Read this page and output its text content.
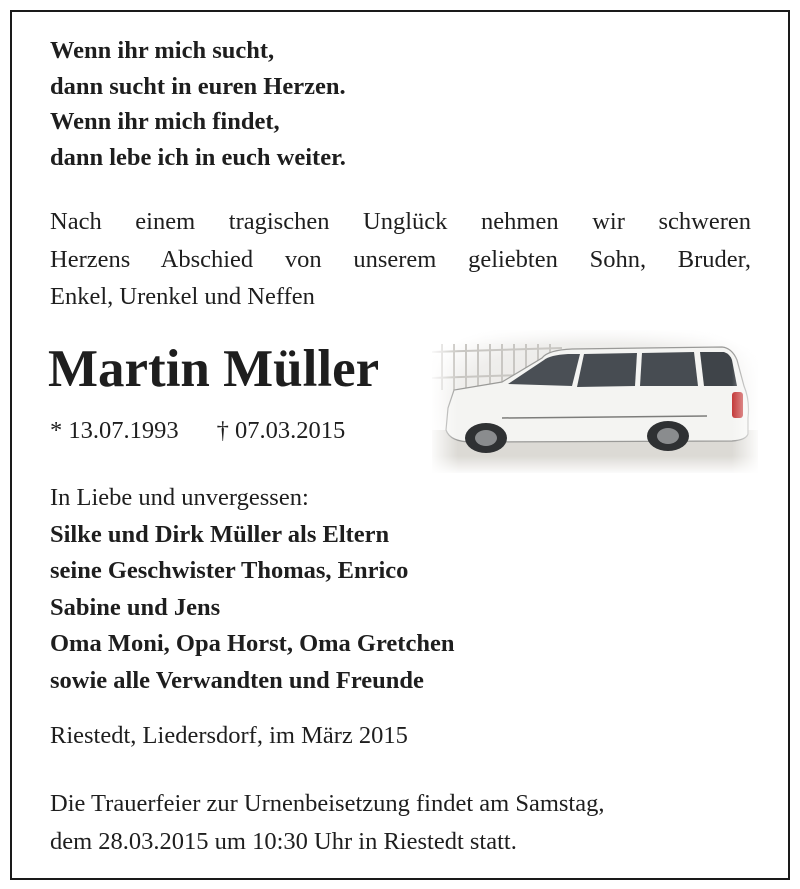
Wenn ihr mich sucht,
dann sucht in euren Herzen.
Wenn ihr mich findet,
dann lebe ich in euch weiter.
Nach einem tragischen Unglück nehmen wir schweren
Herzens Abschied von unserem geliebten Sohn, Bruder,
Enkel, Urenkel und Neffen
Martin Müller
* 13.07.1993 † 07.03.2015
In Liebe und unvergessen:
Silke und Dirk Müller als Eltern
seine Geschwister Thomas, Enrico
Sabine und Jens
Oma Moni, Opa Horst, Oma Gretchen
sowie alle Verwandten und Freunde
Riestedt, Liedersdorf, im März 2015
Die Trauerfeier zur Urnenbeisetzung findet am Samstag,
dem 28.03.2015 um 10:30 Uhr in Riestedt statt.
